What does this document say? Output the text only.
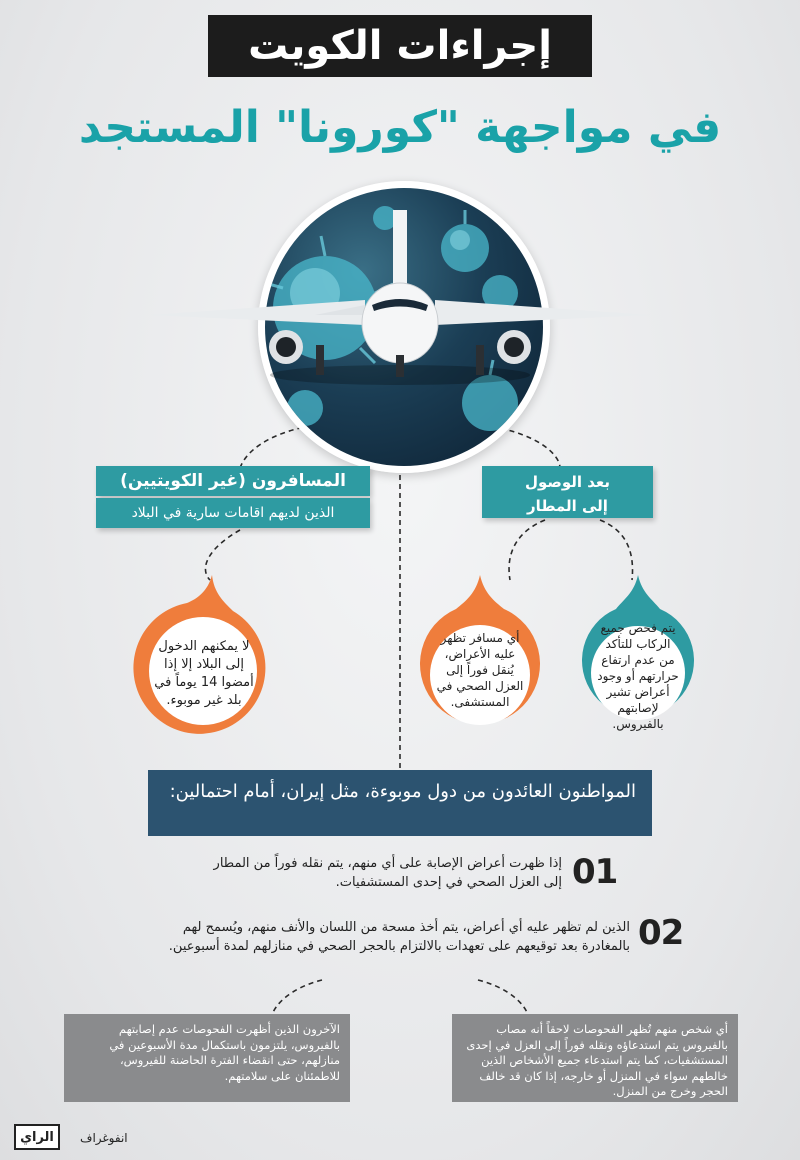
إجراءات الكويت
في مواجهة "كورونا" المستجد
بعد الوصول
إلى المطار
المسافرون (غير الكويتيين)
الذين لديهم اقامات سارية في البلاد
يتم فحص جميع الركاب للتأكد من عدم ارتفاع حرارتهم أو وجود أعراض تشير لإصابتهم بالفيروس.
أي مسافر تظهر عليه الأعراض، يُنقل فوراً إلى العزل الصحي في المستشفى.
لا يمكنهم الدخول إلى البلاد إلا إذا أمضوا 14 يوماً في بلد غير موبوء.
المواطنون العائدون من دول موبوءة، مثل إيران، أمام احتمالين:
01
إذا ظهرت أعراض الإصابة على أي منهم، يتم نقله فوراً من المطار إلى العزل الصحي في إحدى المستشفيات.
02
الذين لم تظهر عليه أي أعراض، يتم أخذ مسحة من اللسان والأنف منهم، ويُسمح لهم بالمغادرة بعد توقيعهم على تعهدات بالالتزام بالحجر الصحي في منازلهم لمدة أسبوعين.
أي شخص منهم تُظهر الفحوصات لاحقاً أنه مصاب بالفيروس يتم استدعاؤه ونقله فوراً إلى العزل في إحدى المستشفيات، كما يتم استدعاء جميع الأشخاص الذين خالطهم سواء في المنزل أو خارجه، إذا كان قد خالف الحجر وخرج من المنزل.
الآخرون الذين أظهرت الفحوصات عدم إصابتهم بالفيروس، يلتزمون باستكمال مدة الأسبوعين في منازلهم، حتى انقضاء الفترة الحاضنة للفيروس، للاطمئنان على سلامتهم.
انفوغراف
الراي
